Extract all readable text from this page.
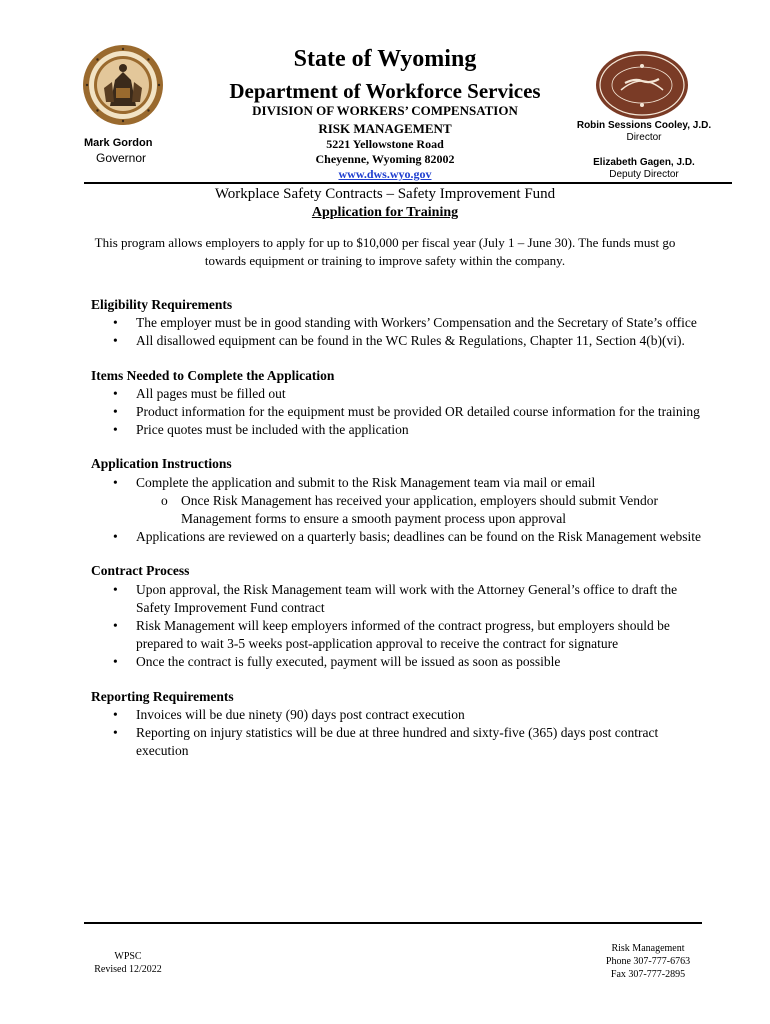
State of Wyoming
Department of Workforce Services
DIVISION OF WORKERS’ COMPENSATION
RISK MANAGEMENT
5221 Yellowstone Road
Cheyenne, Wyoming 82002
www.dws.wyo.gov
Mark Gordon
Governor
Robin Sessions Cooley, J.D.
Director
Elizabeth Gagen, J.D.
Deputy Director
Workplace Safety Contracts – Safety Improvement Fund
Application for Training
This program allows employers to apply for up to $10,000 per fiscal year (July 1 – June 30). The funds must go towards equipment or training to improve safety within the company.
Eligibility Requirements
• The employer must be in good standing with Workers’ Compensation and the Secretary of State’s office
• All disallowed equipment can be found in the WC Rules & Regulations, Chapter 11, Section 4(b)(vi).
Items Needed to Complete the Application
• All pages must be filled out
• Product information for the equipment must be provided OR detailed course information for the training
• Price quotes must be included with the application
Application Instructions
• Complete the application and submit to the Risk Management team via mail or email
o Once Risk Management has received your application, employers should submit Vendor Management forms to ensure a smooth payment process upon approval
• Applications are reviewed on a quarterly basis; deadlines can be found on the Risk Management website
Contract Process
• Upon approval, the Risk Management team will work with the Attorney General’s office to draft the Safety Improvement Fund contract
• Risk Management will keep employers informed of the contract progress, but employers should be prepared to wait 3-5 weeks post-application approval to receive the contract for signature
• Once the contract is fully executed, payment will be issued as soon as possible
Reporting Requirements
• Invoices will be due ninety (90) days post contract execution
• Reporting on injury statistics will be due at three hundred and sixty-five (365) days post contract execution
WPSC
Revised 12/2022
Risk Management
Phone 307-777-6763
Fax 307-777-2895
